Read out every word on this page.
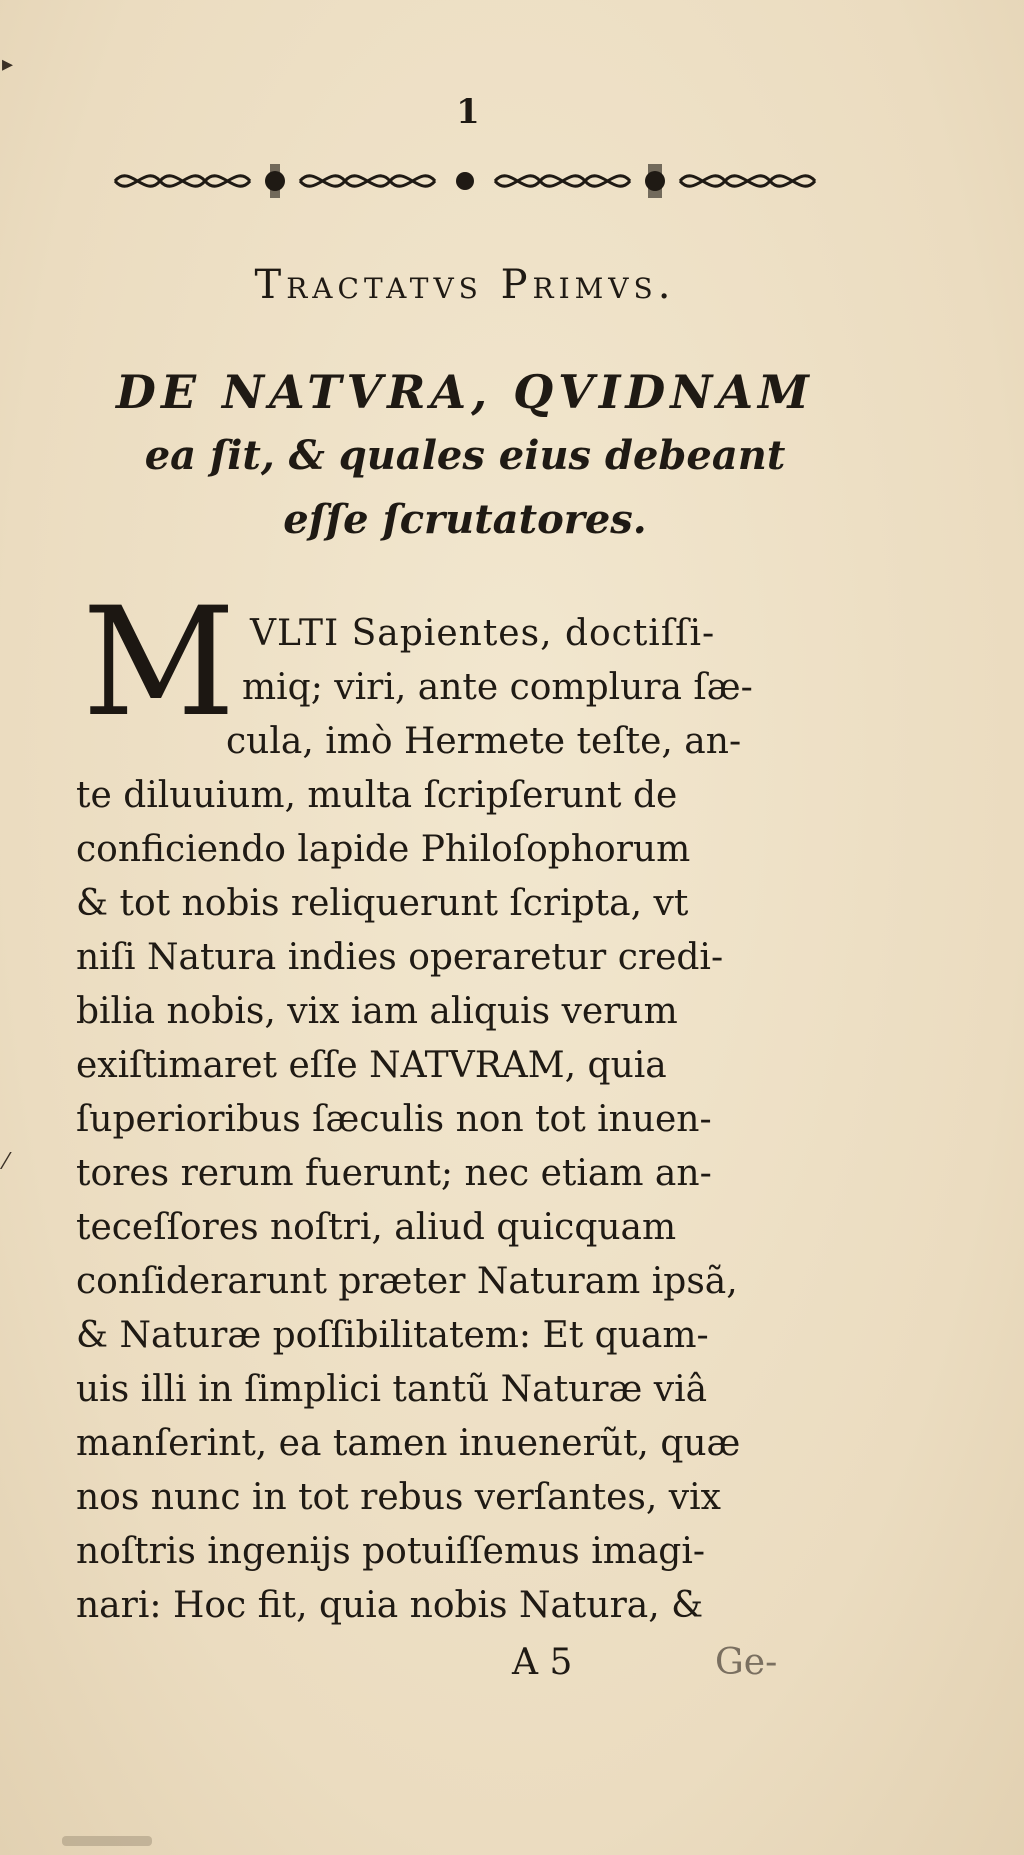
▸
⁄
1
Tractatvs Primvs.
DE NATVRA, QVIDNAM
ea ſit, & quales eius debeant
eſſe ſcrutatores.
M VLTI Sapientes, doctiſſi-
miq; viri, ante complura ſæ-
cula, imò Hermete teſte, an-
te diluuium, multa ſcripſerunt de
conficiendo lapide Philoſophorum
& tot nobis reliquerunt ſcripta, vt
niſi Natura indies operaretur credi-
bilia nobis, vix iam aliquis verum
exiſtimaret eſſe NATVRAM, quia
ſuperioribus ſæculis non tot inuen-
tores rerum fuerunt; nec etiam an-
teceſſores noſtri, aliud quicquam
conſiderarunt præter Naturam ipsã,
& Naturæ poſſibilitatem: Et quam-
uis illi in ſimplici tantũ Naturæ viâ
manſerint, ea tamen inuenerũt, quæ
nos nunc in tot rebus verſantes, vix
noſtris ingenijs potuiſſemus imagi-
nari: Hoc fit, quia nobis Natura, &
A 5	Ge-
